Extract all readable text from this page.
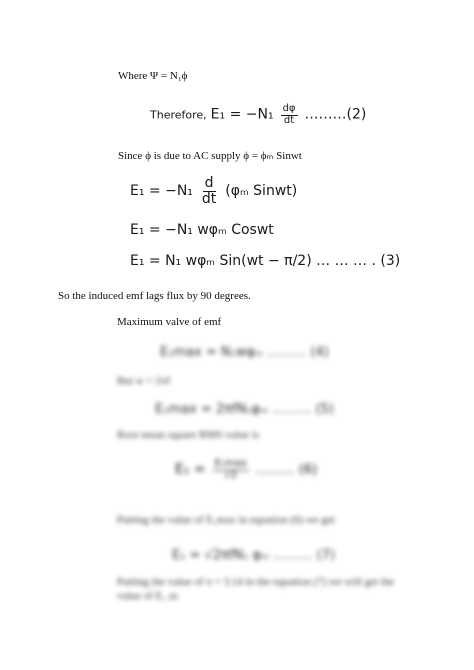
Where Ψ = N₁ϕ
Therefore, $E_1 = -N_1 \frac{d\varphi}{dt}$ ………(2)
Since ϕ is due to AC supply ϕ = ϕₘ Sinwt
$E_1 = -N_1 \frac{d}{dt} (\varphi_m$ Sinwt)
E₁ = −N₁ wφₘ Coswt
E₁ = N₁ wφₘ Sin(wt − π/2) … … … . (3)
So the induced emf lags flux by 90 degrees.
Maximum valve of emf
E₁max = N₁wφₘ ……… (4)
But w = 2πf
E₁max = 2πfN₁φₘ ……… (5)
Root mean square RMS value is
$E_1 = \frac{\text{E₁max}}{√2}$ ……… (6)
Putting the value of E₁max in equation (6) we get
E₁ = √2πfN₁ φₘ ……… (7)
Putting the value of π = 3.14 in the equation (7) we will get the
value of E₁ as
